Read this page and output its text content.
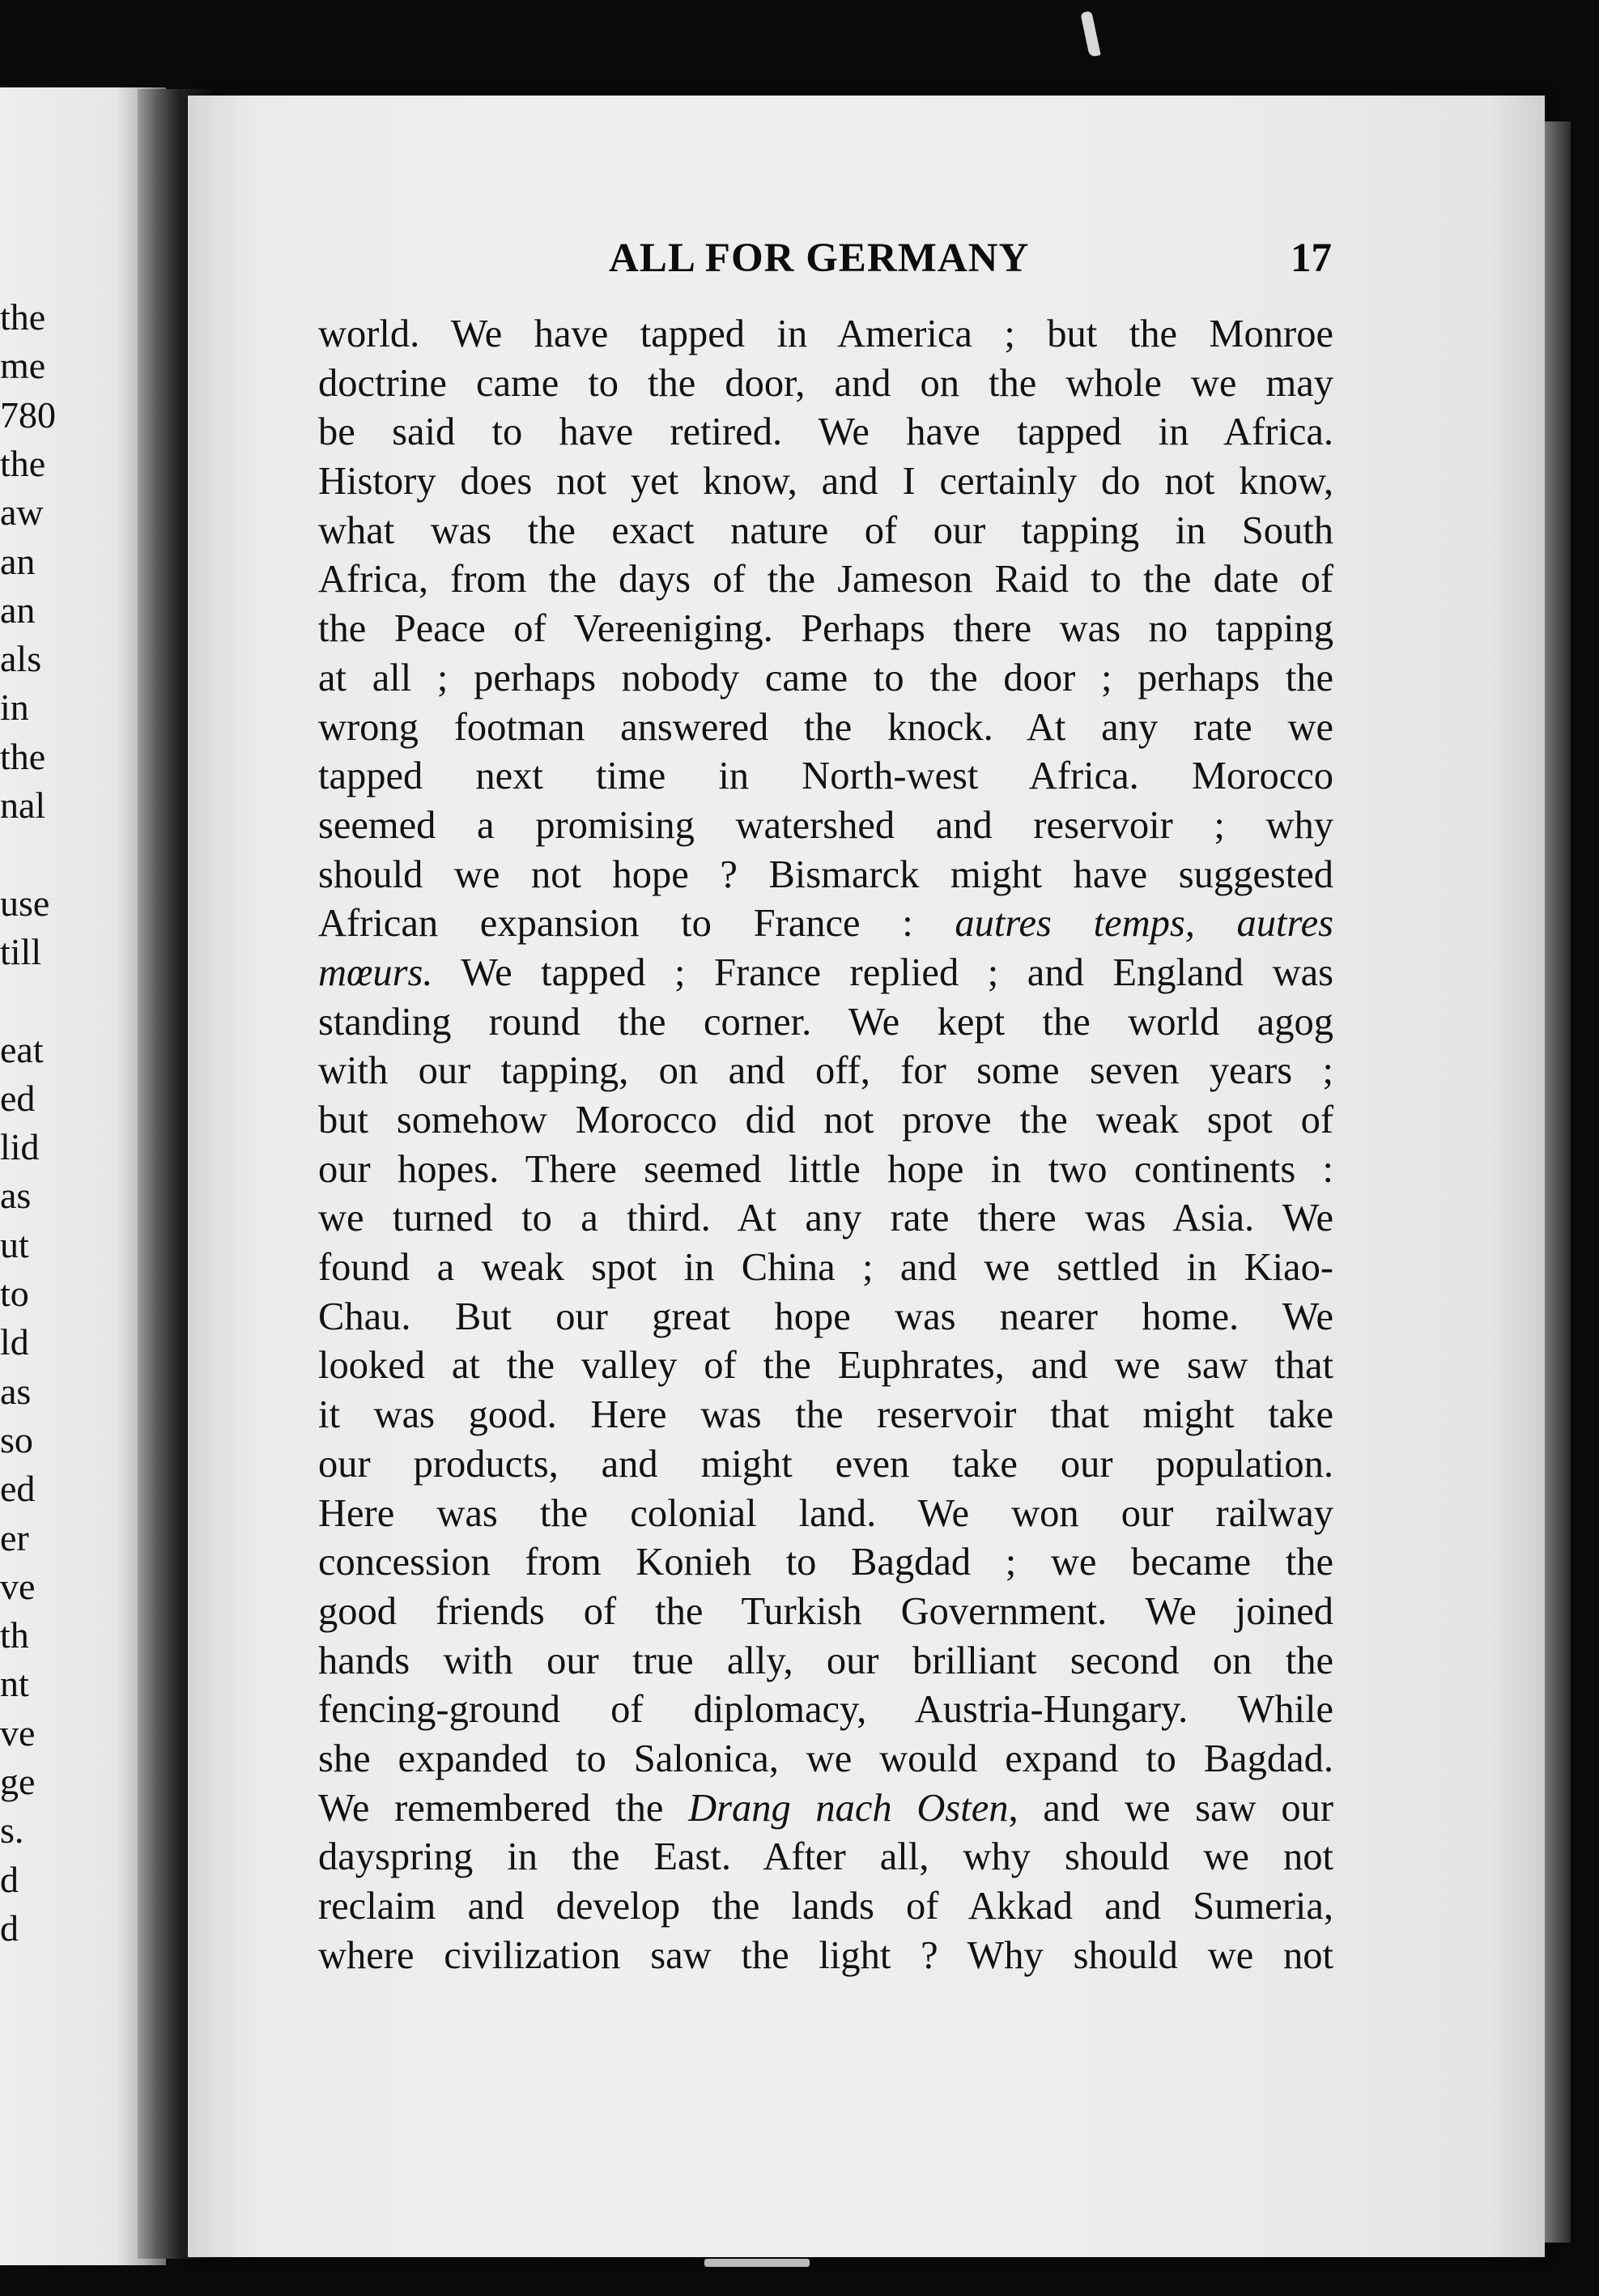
the
me
780
the
aw
an
an
als
in
the
nal
use
till
eat
ed
lid
as
ut
to
ld
as
so
ed
er
ve
th
nt
ve
ge
s.
d
d
ALL FOR GERMANY	17
world. We have tapped in America ; but the Monroe
doctrine came to the door, and on the whole we may
be said to have retired. We have tapped in Africa.
History does not yet know, and I certainly do not know,
what was the exact nature of our tapping in South
Africa, from the days of the Jameson Raid to the date of
the Peace of Vereeniging. Perhaps there was no tapping
at all ; perhaps nobody came to the door ; perhaps the
wrong footman answered the knock. At any rate we
tapped next time in North-west Africa. Morocco
seemed a promising watershed and reservoir ; why
should we not hope ? Bismarck might have suggested
African expansion to France : autres temps, autres
mœurs. We tapped ; France replied ; and England was
standing round the corner. We kept the world agog
with our tapping, on and off, for some seven years ;
but somehow Morocco did not prove the weak spot of
our hopes. There seemed little hope in two continents :
we turned to a third. At any rate there was Asia. We
found a weak spot in China ; and we settled in Kiao-
Chau. But our great hope was nearer home. We
looked at the valley of the Euphrates, and we saw that
it was good. Here was the reservoir that might take
our products, and might even take our population.
Here was the colonial land. We won our railway
concession from Konieh to Bagdad ; we became the
good friends of the Turkish Government. We joined
hands with our true ally, our brilliant second on the
fencing-ground of diplomacy, Austria-Hungary. While
she expanded to Salonica, we would expand to Bagdad.
We remembered the Drang nach Osten, and we saw our
dayspring in the East. After all, why should we not
reclaim and develop the lands of Akkad and Sumeria,
where civilization saw the light ? Why should we not
